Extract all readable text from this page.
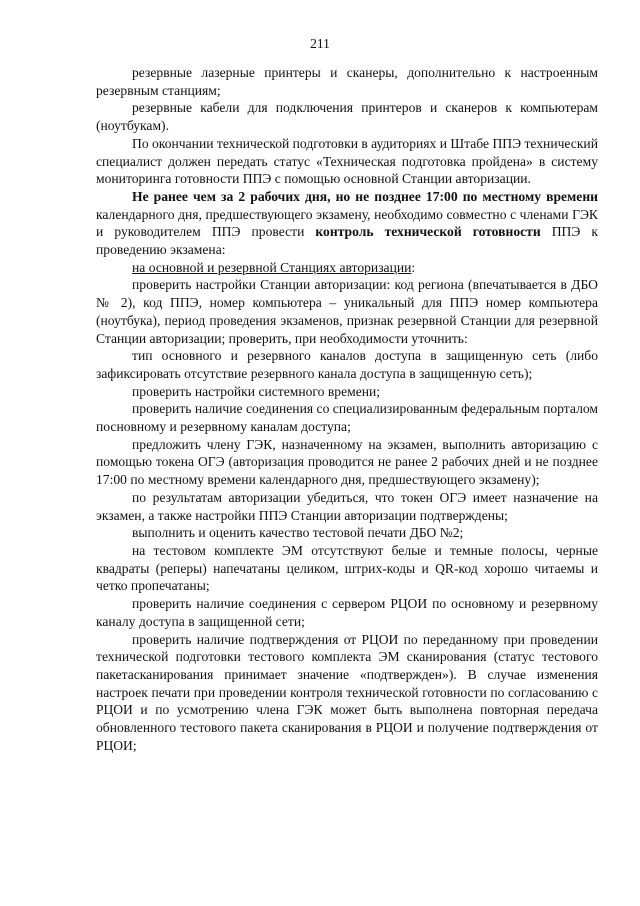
211

резервные лазерные принтеры и сканеры, дополнительно к настроенным резервным станциям;

резервные кабели для подключения принтеров и сканеров к компьютерам (ноутбукам).

По окончании технической подготовки в аудиториях и Штабе ППЭ технический специалист должен передать статус «Техническая подготовка пройдена» в систему мониторинга готовности ППЭ с помощью основной Станции авторизации.

Не ранее чем за 2 рабочих дня, но не позднее 17:00 по местному времени календарного дня, предшествующего экзамену, необходимо совместно с членами ГЭК и руководителем ППЭ провести контроль технической готовности ППЭ к проведению экзамена:

на основной и резервной Станциях авторизации:

проверить настройки Станции авторизации: код региона (впечатывается в ДБО № 2), код ППЭ, номер компьютера – уникальный для ППЭ номер компьютера (ноутбука), период проведения экзаменов, признак резервной Станции для резервной Станции авторизации; проверить, при необходимости уточнить:

тип основного и резервного каналов доступа в защищенную сеть (либо зафиксировать отсутствие резервного канала доступа в защищенную сеть);

проверить настройки системного времени;

проверить наличие соединения со специализированным федеральным порталом посновному и резервному каналам доступа;

предложить члену ГЭК, назначенному на экзамен, выполнить авторизацию с помощью токена ОГЭ (авторизация проводится не ранее 2 рабочих дней и не позднее 17:00 по местному времени календарного дня, предшествующего экзамену);

по результатам авторизации убедиться, что токен ОГЭ имеет назначение на экзамен, а также настройки ППЭ Станции авторизации подтверждены;

выполнить и оценить качество тестовой печати ДБО №2;

на тестовом комплекте ЭМ отсутствуют белые и темные полосы, черные квадраты (реперы) напечатаны целиком, штрих-коды и QR-код хорошо читаемы и четко пропечатаны;

проверить наличие соединения с сервером РЦОИ по основному и резервному каналу доступа в защищенной сети;

проверить наличие подтверждения от РЦОИ по переданному при проведении технической подготовки тестового комплекта ЭМ сканирования (статус тестового пакетасканирования принимает значение «подтвержден»). В случае изменения настроек печати при проведении контроля технической готовности по согласованию с РЦОИ и по усмотрению члена ГЭК может быть выполнена повторная передача обновленного тестового пакета сканирования в РЦОИ и получение подтверждения от РЦОИ;
